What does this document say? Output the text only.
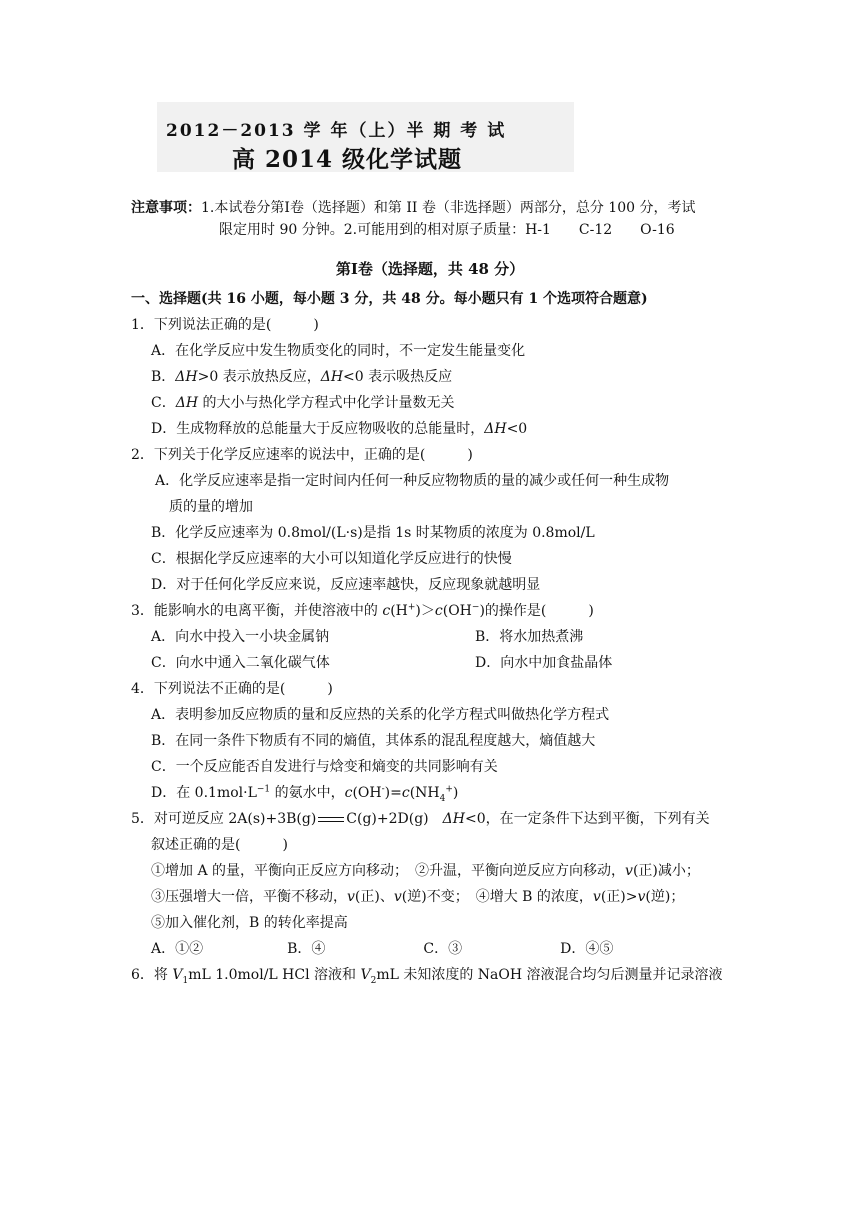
2012－2013 学 年（上）半 期 考 试
高 2014 级化学试题
注意事项：1.本试卷分第Ⅰ卷（选择题）和第 II 卷（非选择题）两部分，总分 100 分，考试
限定用时 90 分钟。2.可能用到的相对原子质量：H-1　　C-12　　O-16
第Ⅰ卷（选择题，共 48 分）
一、选择题(共 16 小题，每小题 3 分，共 48 分。每小题只有 1 个选项符合题意)
1．下列说法正确的是(　　　)
A．在化学反应中发生物质变化的同时，不一定发生能量变化
B．ΔH>0 表示放热反应，ΔH<0 表示吸热反应
C．ΔH 的大小与热化学方程式中化学计量数无关
D．生成物释放的总能量大于反应物吸收的总能量时，ΔH<0
2．下列关于化学反应速率的说法中，正确的是(　　　)
A．化学反应速率是指一定时间内任何一种反应物物质的量的减少或任何一种生成物
质的量的增加
B．化学反应速率为 0.8mol/(L·s)是指 1s 时某物质的浓度为 0.8mol/L
C．根据化学反应速率的大小可以知道化学反应进行的快慢
D．对于任何化学反应来说，反应速率越快，反应现象就越明显
3．能影响水的电离平衡，并使溶液中的 c(H+)＞c(OH−)的操作是(　　　)
A．向水中投入一小块金属钠	B．将水加热煮沸
C．向水中通入二氧化碳气体	D．向水中加食盐晶体
4．下列说法不正确的是(　　　)
A．表明参加反应物质的量和反应热的关系的化学方程式叫做热化学方程式
B．在同一条件下物质有不同的熵值，其体系的混乱程度越大，熵值越大
C．一个反应能否自发进行与焓变和熵变的共同影响有关
D．在 $0.1mol\cdot L^{-1}$ 的氨水中，$c(OH^-)=c(NH_4^+)$
5．对可逆反应 2A(s)+3B(g) C(g)+2D(g)　ΔH<0，在一定条件下达到平衡，下列有关
叙述正确的是(　　　)
①增加 A 的量，平衡向正反应方向移动；　②升温，平衡向逆反应方向移动，v(正)减小；
③压强增大一倍，平衡不移动，v(正)、v(逆)不变；　④增大 B 的浓度，v(正)>v(逆)；
⑤加入催化剂，B 的转化率提高
A．①②　　　　　　B．④　　　　　　　C．③　　　　　　　D．④⑤
6．将 $V_1mL$ 1.0mol/L HCl 溶液和 $V_2mL$ 未知浓度的 NaOH 溶液混合均匀后测量并记录溶液
